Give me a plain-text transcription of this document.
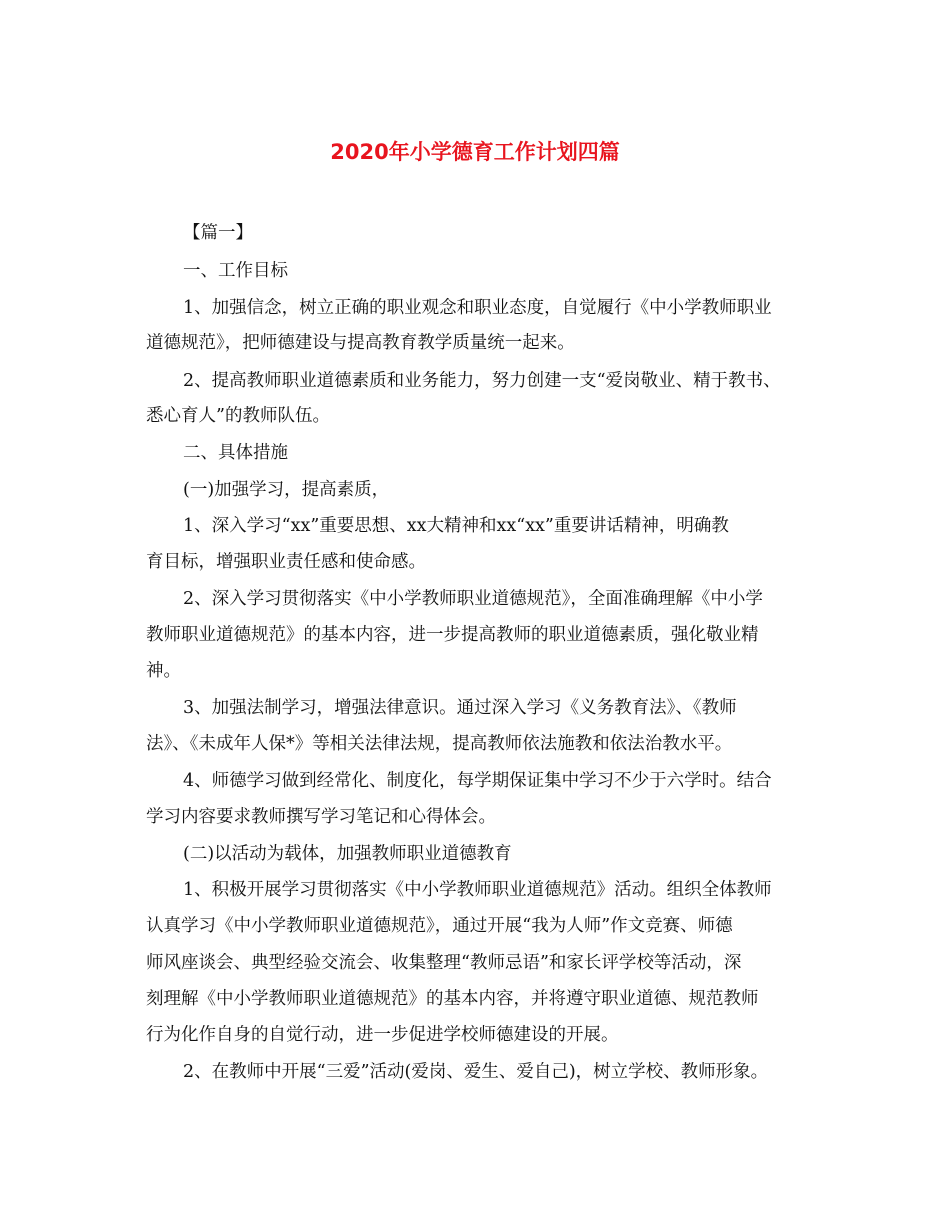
2020年小学德育工作计划四篇
【篇一】
一、工作目标
1、加强信念，树立正确的职业观念和职业态度，自觉履行《中小学教师职业
道德规范》，把师德建设与提高教育教学质量统一起来。
2、提高教师职业道德素质和业务能力，努力创建一支“爱岗敬业、精于教书、
悉心育人”的教师队伍。
二、具体措施
(一)加强学习，提高素质，
1、深入学习“xx”重要思想、xx大精神和xx“xx”重要讲话精神，明确教
育目标，增强职业责任感和使命感。
2、深入学习贯彻落实《中小学教师职业道德规范》，全面准确理解《中小学
教师职业道德规范》的基本内容，进一步提高教师的职业道德素质，强化敬业精
神。
3、加强法制学习，增强法律意识。通过深入学习《义务教育法》、《教师
法》、《未成年人保*》等相关法律法规，提高教师依法施教和依法治教水平。
4、师德学习做到经常化、制度化，每学期保证集中学习不少于六学时。结合
学习内容要求教师撰写学习笔记和心得体会。
(二)以活动为载体，加强教师职业道德教育
1、积极开展学习贯彻落实《中小学教师职业道德规范》活动。组织全体教师
认真学习《中小学教师职业道德规范》，通过开展“我为人师”作文竞赛、师德
师风座谈会、典型经验交流会、收集整理“教师忌语”和家长评学校等活动，深
刻理解《中小学教师职业道德规范》的基本内容，并将遵守职业道德、规范教师
行为化作自身的自觉行动，进一步促进学校师德建设的开展。
2、在教师中开展“三爱”活动(爱岗、爱生、爱自己)，树立学校、教师形象。
